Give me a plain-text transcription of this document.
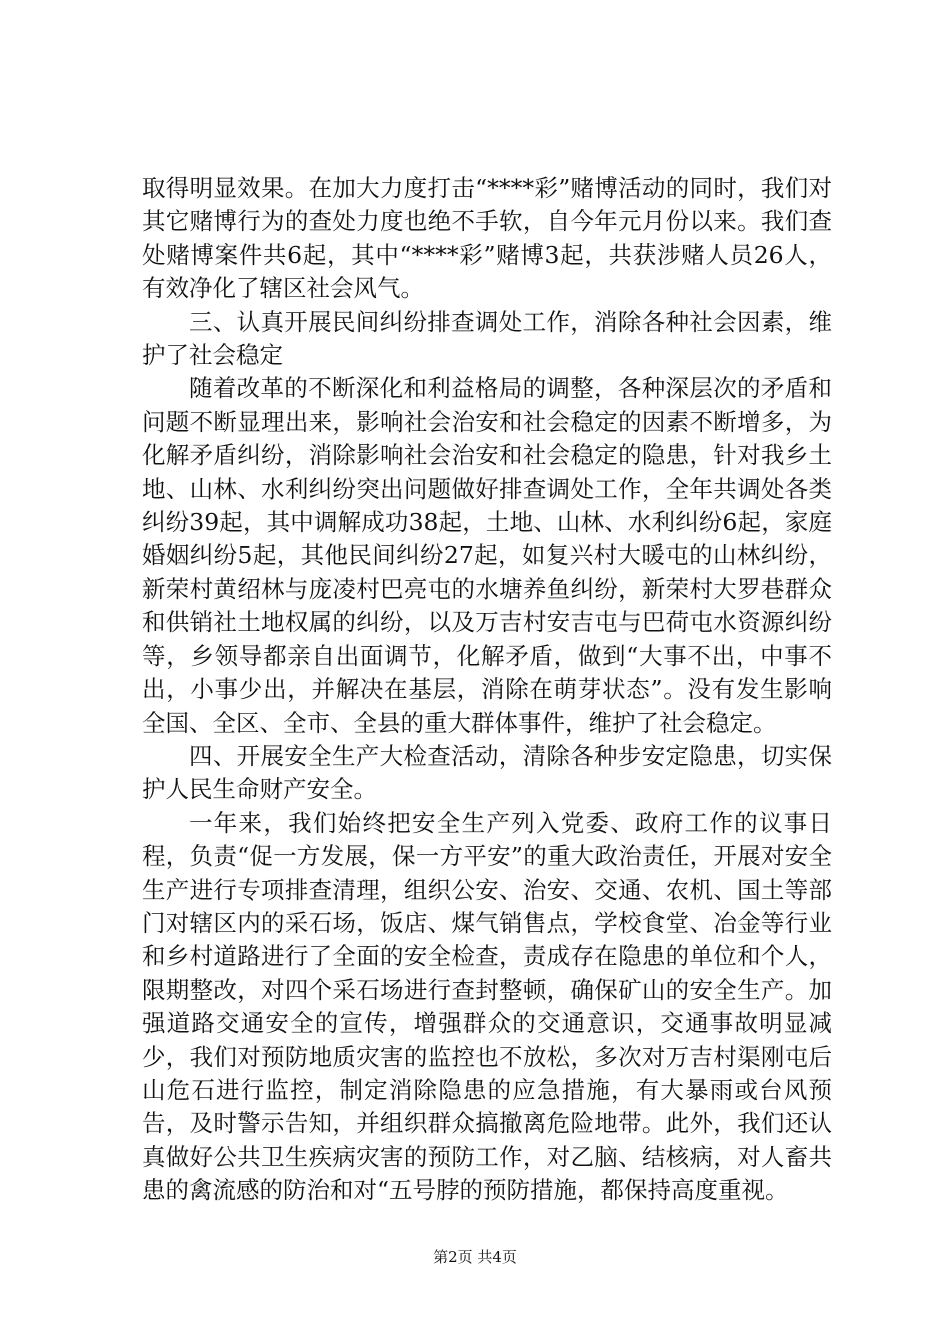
取得明显效果。在加大力度打击“****彩”赌博活动的同时，我们对其它赌博行为的查处力度也绝不手软，自今年元月份以来。我们查处赌博案件共6起，其中“****彩”赌博3起，共获涉赌人员26人，有效净化了辖区社会风气。

三、认真开展民间纠纷排查调处工作，消除各种社会因素，维护了社会稳定

随着改革的不断深化和利益格局的调整，各种深层次的矛盾和问题不断显理出来，影响社会治安和社会稳定的因素不断增多，为化解矛盾纠纷，消除影响社会治安和社会稳定的隐患，针对我乡土地、山林、水利纠纷突出问题做好排查调处工作，全年共调处各类纠纷39起，其中调解成功38起，土地、山林、水利纠纷6起，家庭婚姻纠纷5起，其他民间纠纷27起，如复兴村大暖屯的山林纠纷，新荣村黄绍林与庞凌村巴亮屯的水塘养鱼纠纷，新荣村大罗巷群众和供销社土地权属的纠纷，以及万吉村安吉屯与巴荷屯水资源纠纷等，乡领导都亲自出面调节，化解矛盾，做到“大事不出，中事不出，小事少出，并解决在基层，消除在萌芽状态”。没有发生影响全国、全区、全市、全县的重大群体事件，维护了社会稳定。

四、开展安全生产大检查活动，清除各种步安定隐患，切实保护人民生命财产安全。

一年来，我们始终把安全生产列入党委、政府工作的议事日程，负责“促一方发展，保一方平安”的重大政治责任，开展对安全生产进行专项排查清理，组织公安、治安、交通、农机、国土等部门对辖区内的采石场，饭店、煤气销售点，学校食堂、冶金等行业和乡村道路进行了全面的安全检查，责成存在隐患的单位和个人，限期整改，对四个采石场进行查封整顿，确保矿山的安全生产。加强道路交通安全的宣传，增强群众的交通意识，交通事故明显减少，我们对预防地质灾害的监控也不放松，多次对万吉村渠刚屯后山危石进行监控，制定消除隐患的应急措施，有大暴雨或台风预告，及时警示告知，并组织群众搞撤离危险地带。此外，我们还认真做好公共卫生疾病灾害的预防工作，对乙脑、结核病，对人畜共患的禽流感的防治和对“五号脖的预防措施，都保持高度重视。

第2页 共4页
